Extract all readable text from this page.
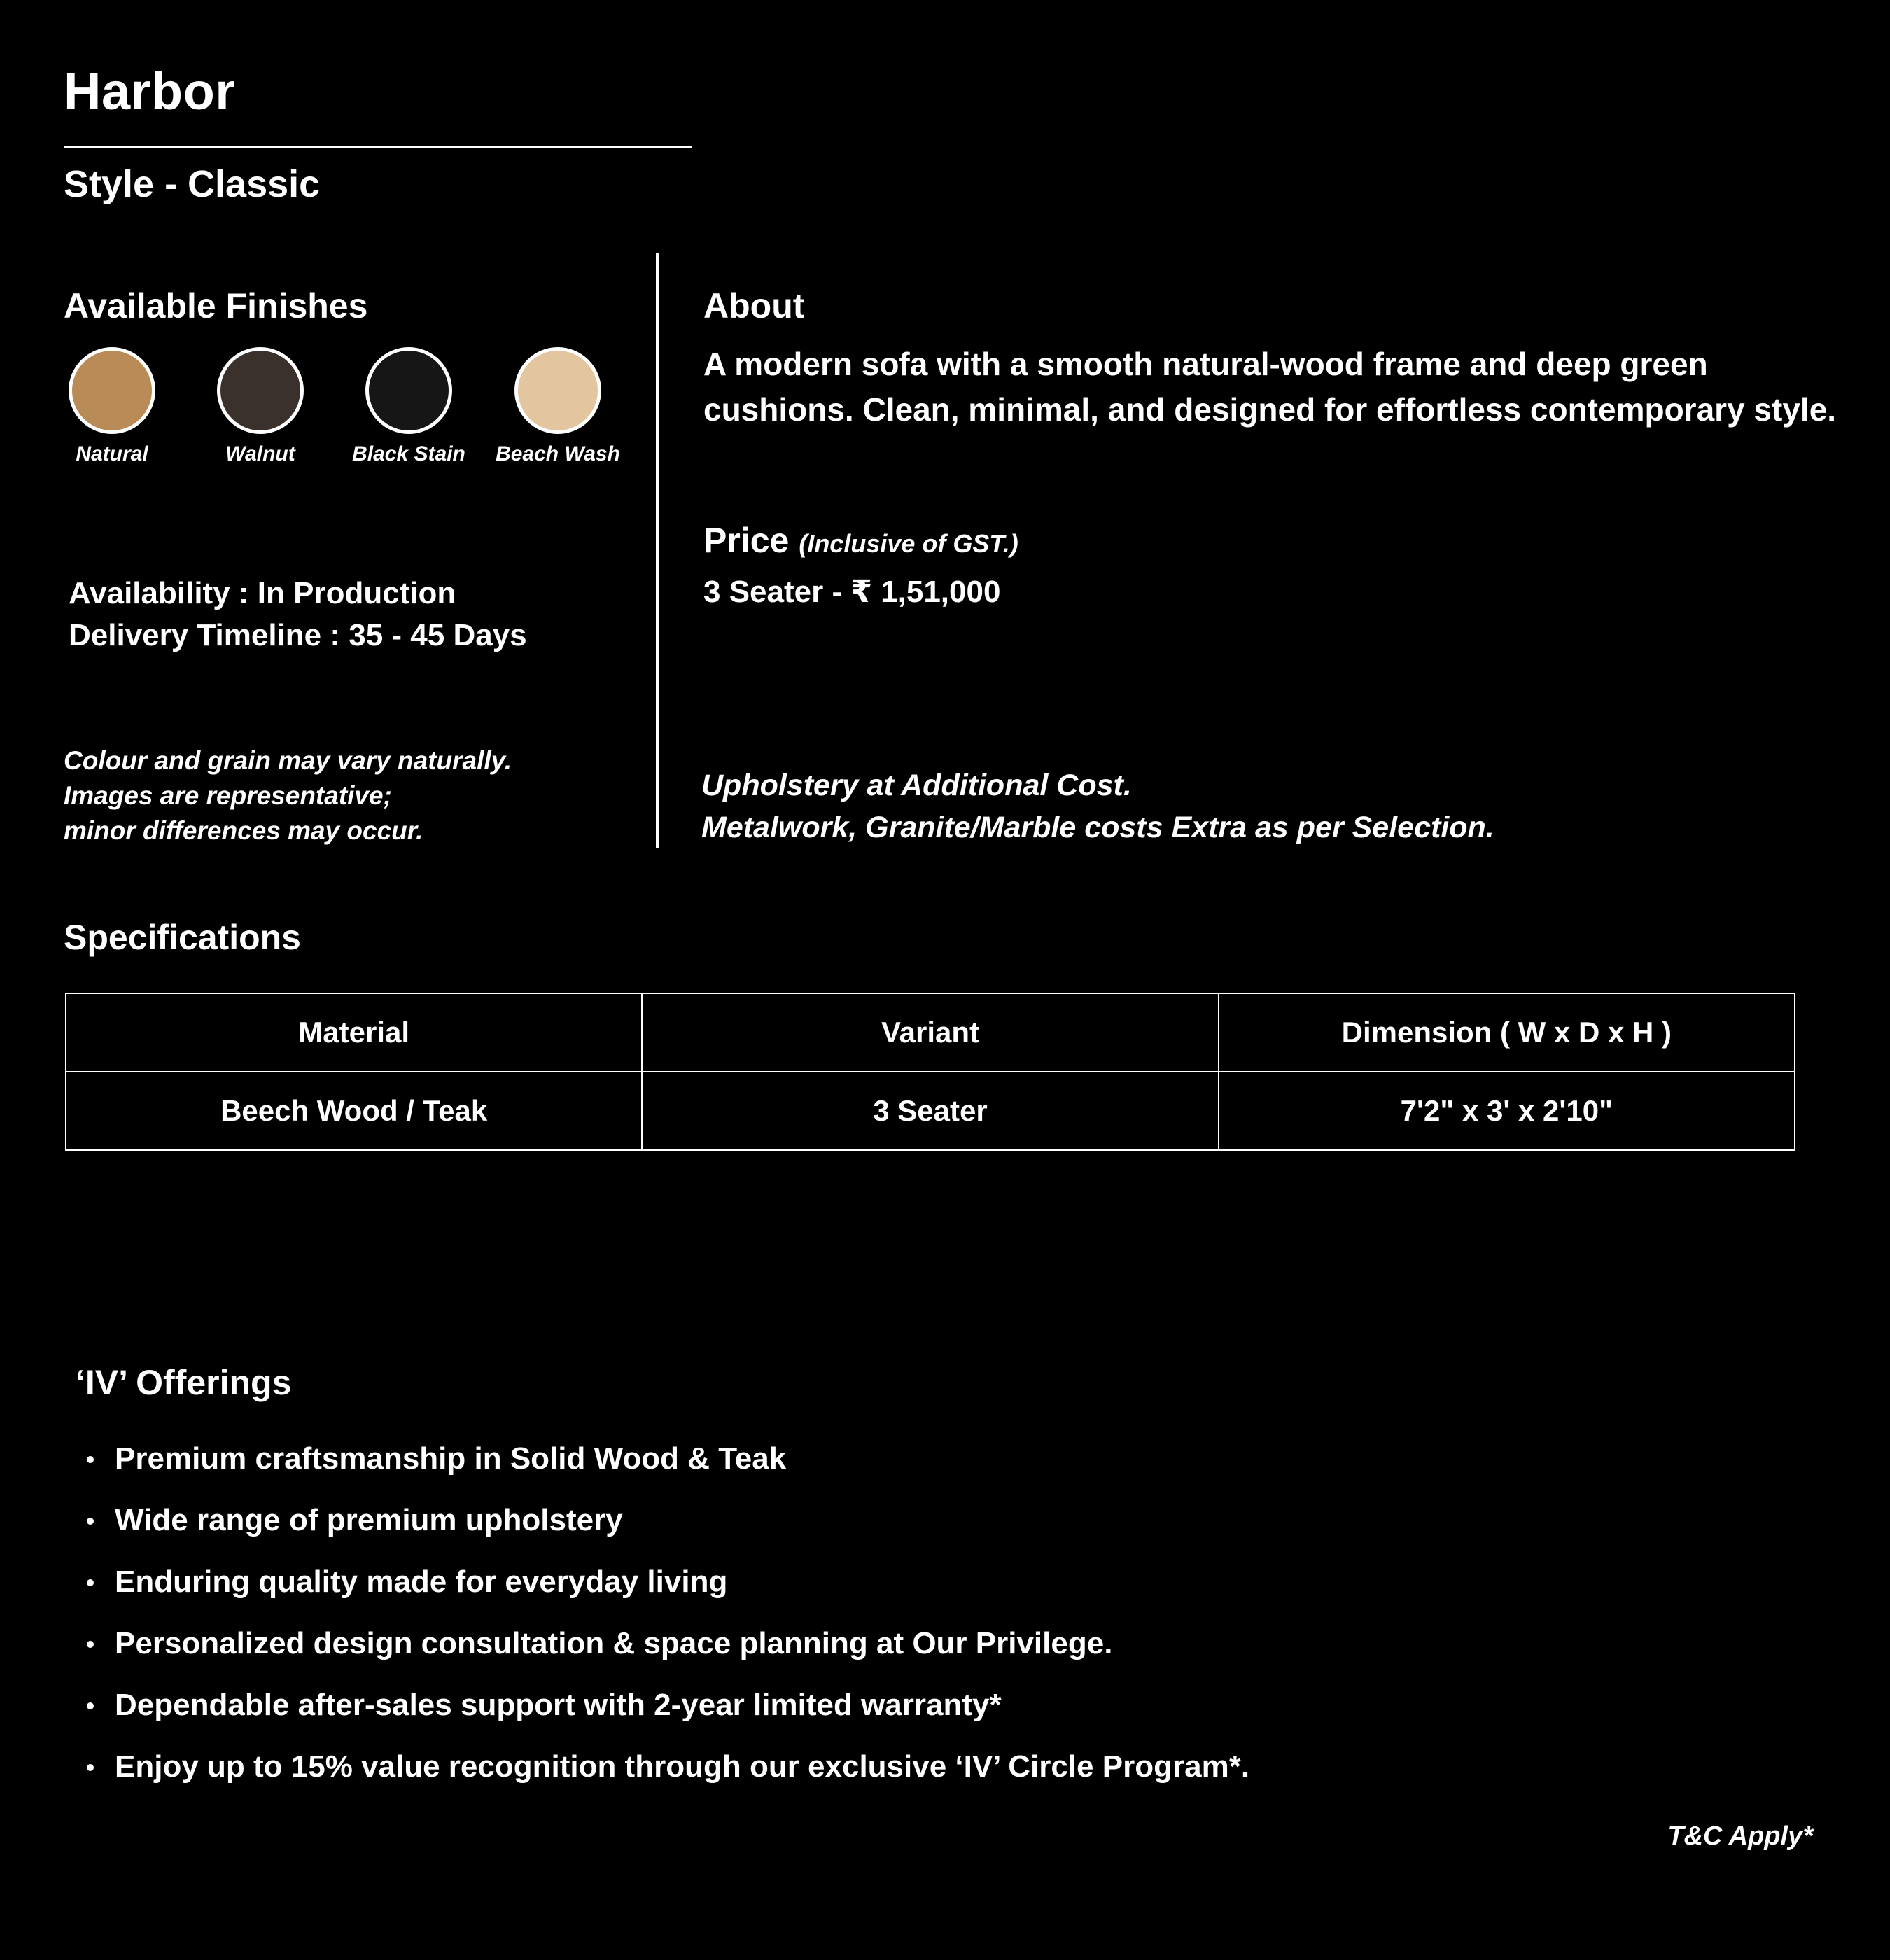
Harbor
Style - Classic
Available Finishes
Natural	Walnut	Black Stain	Beach Wash
Availability : In Production
Delivery Timeline : 35 - 45 Days
Colour and grain may vary naturally.
Images are representative;
minor differences may occur.
About
A modern sofa with a smooth natural-wood frame and deep green cushions. Clean, minimal, and designed for effortless contemporary style.
Price (Inclusive of GST.)
3 Seater - ₹ 1,51,000
Upholstery at Additional Cost.
Metalwork, Granite/Marble costs Extra as per Selection.
Specifications
Material	Variant	Dimension ( W x D x H )
Beech Wood / Teak	3 Seater	7'2" x 3' x 2'10"
‘IV’ Offerings
Premium craftsmanship in Solid Wood & Teak
Wide range of premium upholstery
Enduring quality made for everyday living
Personalized design consultation & space planning at Our Privilege.
Dependable after-sales support with 2-year limited warranty*
Enjoy up to 15% value recognition through our exclusive ‘IV’ Circle Program*.
T&C Apply*
